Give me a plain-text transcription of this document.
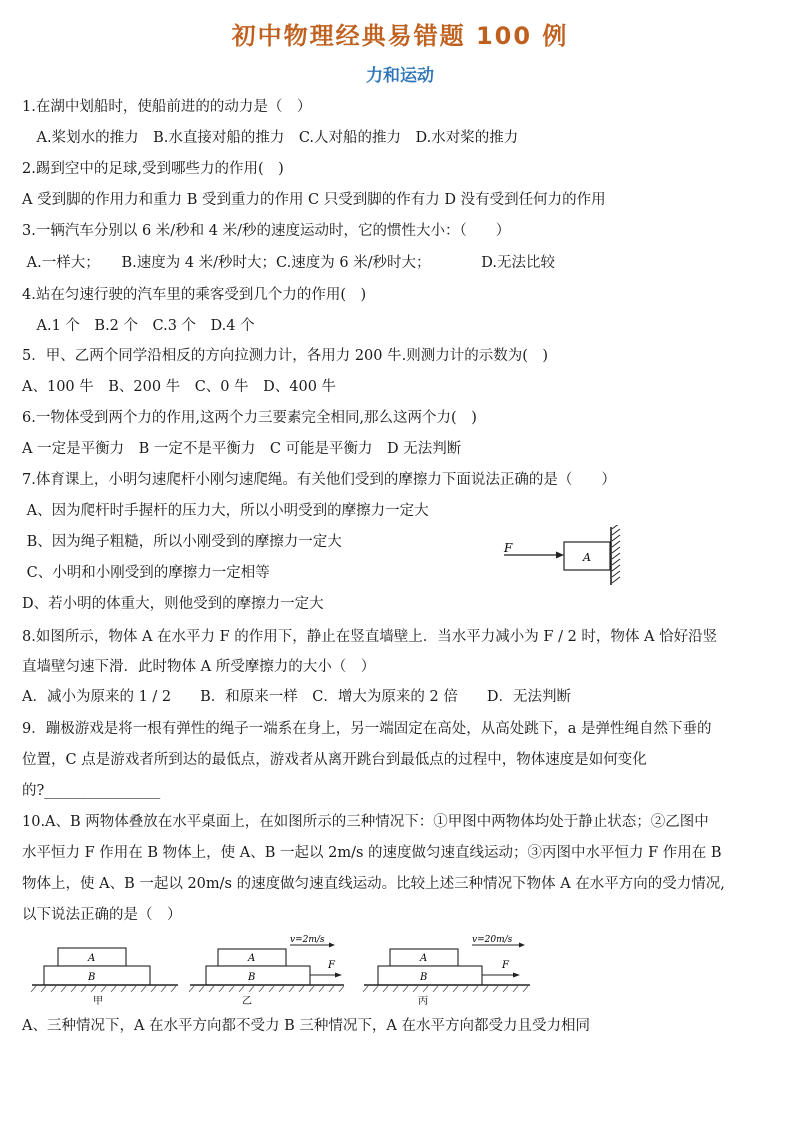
初中物理经典易错题 100 例
力和运动
1.在湖中划船时，使船前进的的动力是（　）
　A.桨划水的推力　B.水直接对船的推力　C.人对船的推力　D.水对桨的推力
2.踢到空中的足球,受到哪些力的作用(　)
A 受到脚的作用力和重力 B 受到重力的作用 C 只受到脚的作有力 D 没有受到任何力的作用
3.一辆汽车分别以 6 米/秒和 4 米/秒的速度运动时，它的惯性大小：（　　）
A.一样大；　　B.速度为 4 米/秒时大；C.速度为 6 米/秒时大；　　　　D.无法比较
4.站在匀速行驶的汽车里的乘客受到几个力的作用(　)
　A.1 个　B.2 个　C.3 个　D.4 个
5．甲、乙两个同学沿相反的方向拉测力计，各用力 200 牛.则测力计的示数为(　)
A、100 牛　B、200 牛　C、0 牛　D、400 牛
6.一物体受到两个力的作用,这两个力三要素完全相同,那么这两个力(　)
A 一定是平衡力　B 一定不是平衡力　C 可能是平衡力　D 无法判断
7.体育课上，小明匀速爬杆小刚匀速爬绳。有关他们受到的摩擦力下面说法正确的是（　　）
A、因为爬杆时手握杆的压力大，所以小明受到的摩擦力一定大
B、因为绳子粗糙，所以小刚受到的摩擦力一定大
C、小明和小刚受到的摩擦力一定相等
D、若小明的体重大，则他受到的摩擦力一定大
F
A
8.如图所示，物体 A 在水平力 F 的作用下，静止在竖直墙壁上．当水平力减小为 F / 2 时，物体 A 恰好沿竖
直墙壁匀速下滑．此时物体 A 所受摩擦力的大小（　）
A．减小为原来的 1 / 2　　B．和原来一样　C．增大为原来的 2 倍　　D．无法判断
9．蹦极游戏是将一根有弹性的绳子一端系在身上，另一端固定在高处，从高处跳下，a 是弹性绳自然下垂的
位置，C 点是游戏者所到达的最低点，游戏者从离开跳台到最低点的过程中，物体速度是如何变化
的?________________
10.A、B 两物体叠放在水平桌面上，在如图所示的三种情况下：①甲图中两物体均处于静止状态；②乙图中
水平恒力 F 作用在 B 物体上，使 A、B 一起以 2m/s 的速度做匀速直线运动；③丙图中水平恒力 F 作用在 B
物体上，使 A、B 一起以 20m/s 的速度做匀速直线运动。比较上述三种情况下物体 A 在水平方向的受力情况,
以下说法正确的是（　）
A
B
甲
v=2m/s
A
B
F
乙
v=20m/s
A
B
F
丙
A、三种情况下，A 在水平方向都不受力 B 三种情况下，A 在水平方向都受力且受力相同
